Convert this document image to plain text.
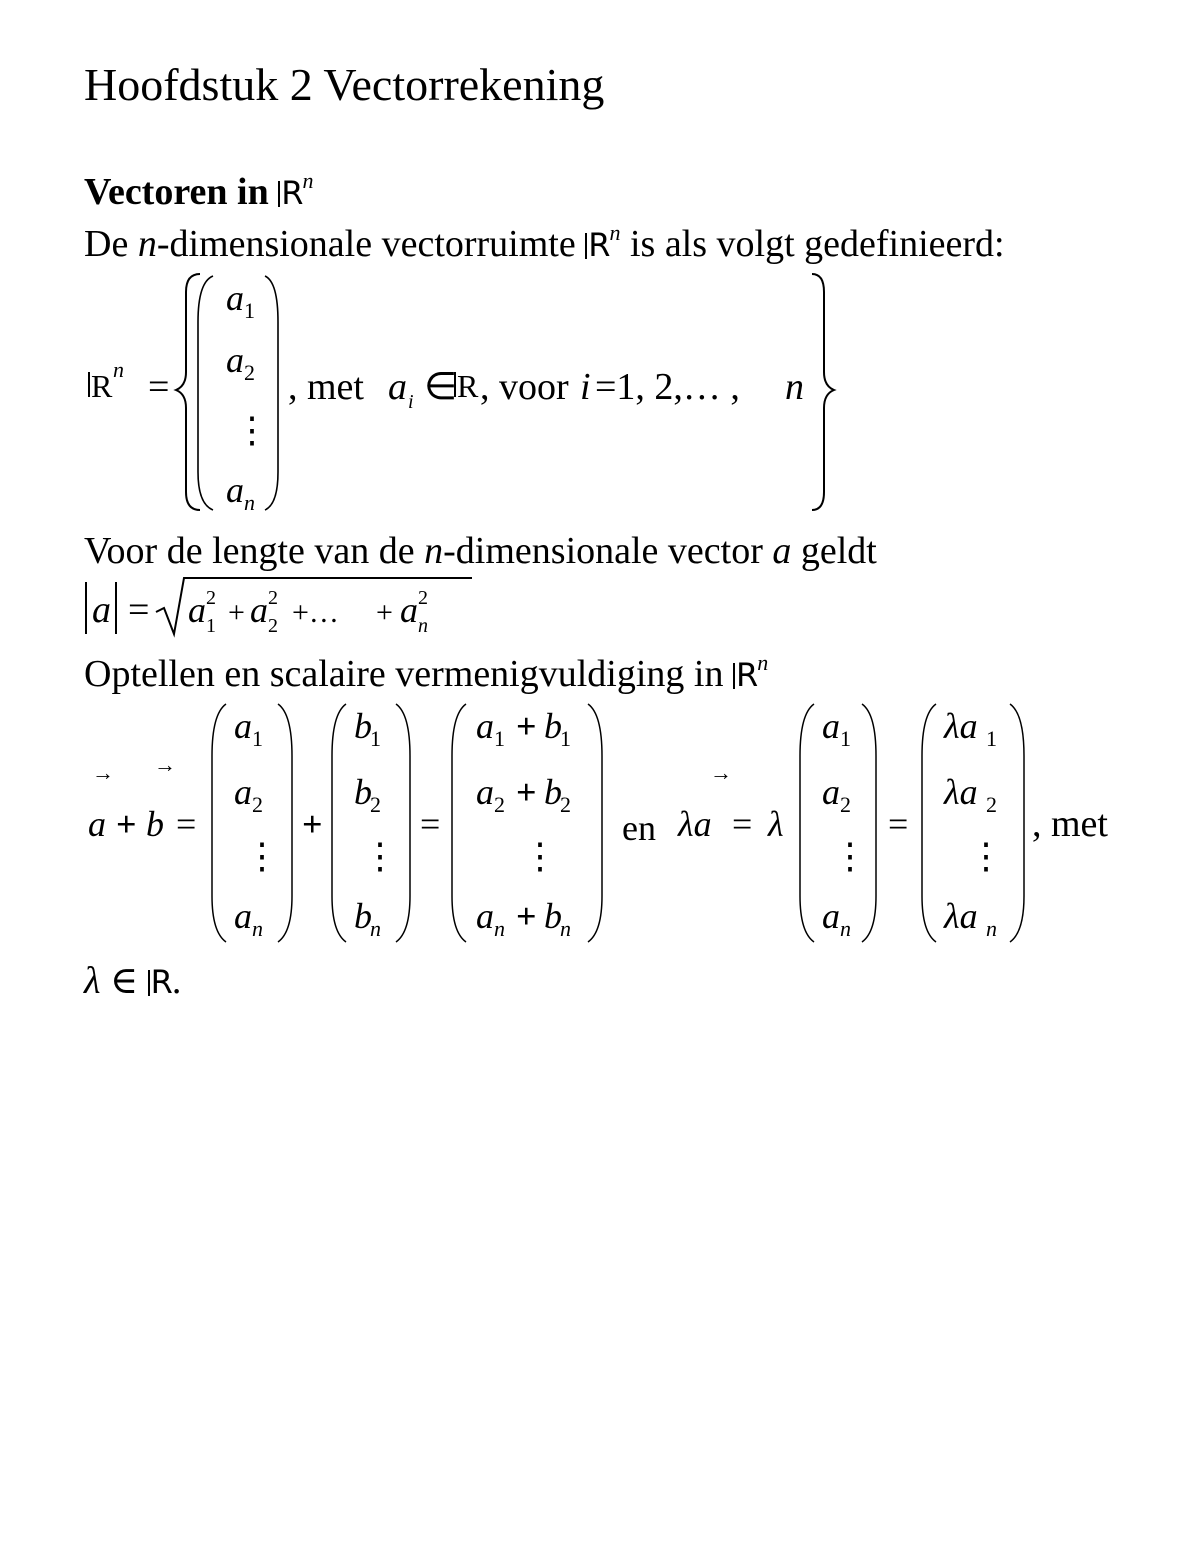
Hoofdstuk 2 Vectorrekening
Vectoren in $R^n$
De n-dimensionale vectorruimte $R^n$ is als volgt gedefinieerd:
R n =
a 1
a 2
⋮
a n
, met a i ∈ R , voor i =1, 2,… , n
Voor de lengte van de n-dimensionale vector a geldt
a = a 2
1 + a 2
2 +… + a 2
n
Optellen en scalaire vermenigvuldiging in $R^n$
→ →
a + b =
a 1
a 2
⋮
a n
+
b
1
b
2
⋮
b
n
=
a 1 + b
1
a 2 + b
2
⋮
a n + b
n
en λa
→
= λ
a 1
a 2
⋮
a n
=
λa 1
λa 2
⋮
λa n
, met
λ ∈ R.
